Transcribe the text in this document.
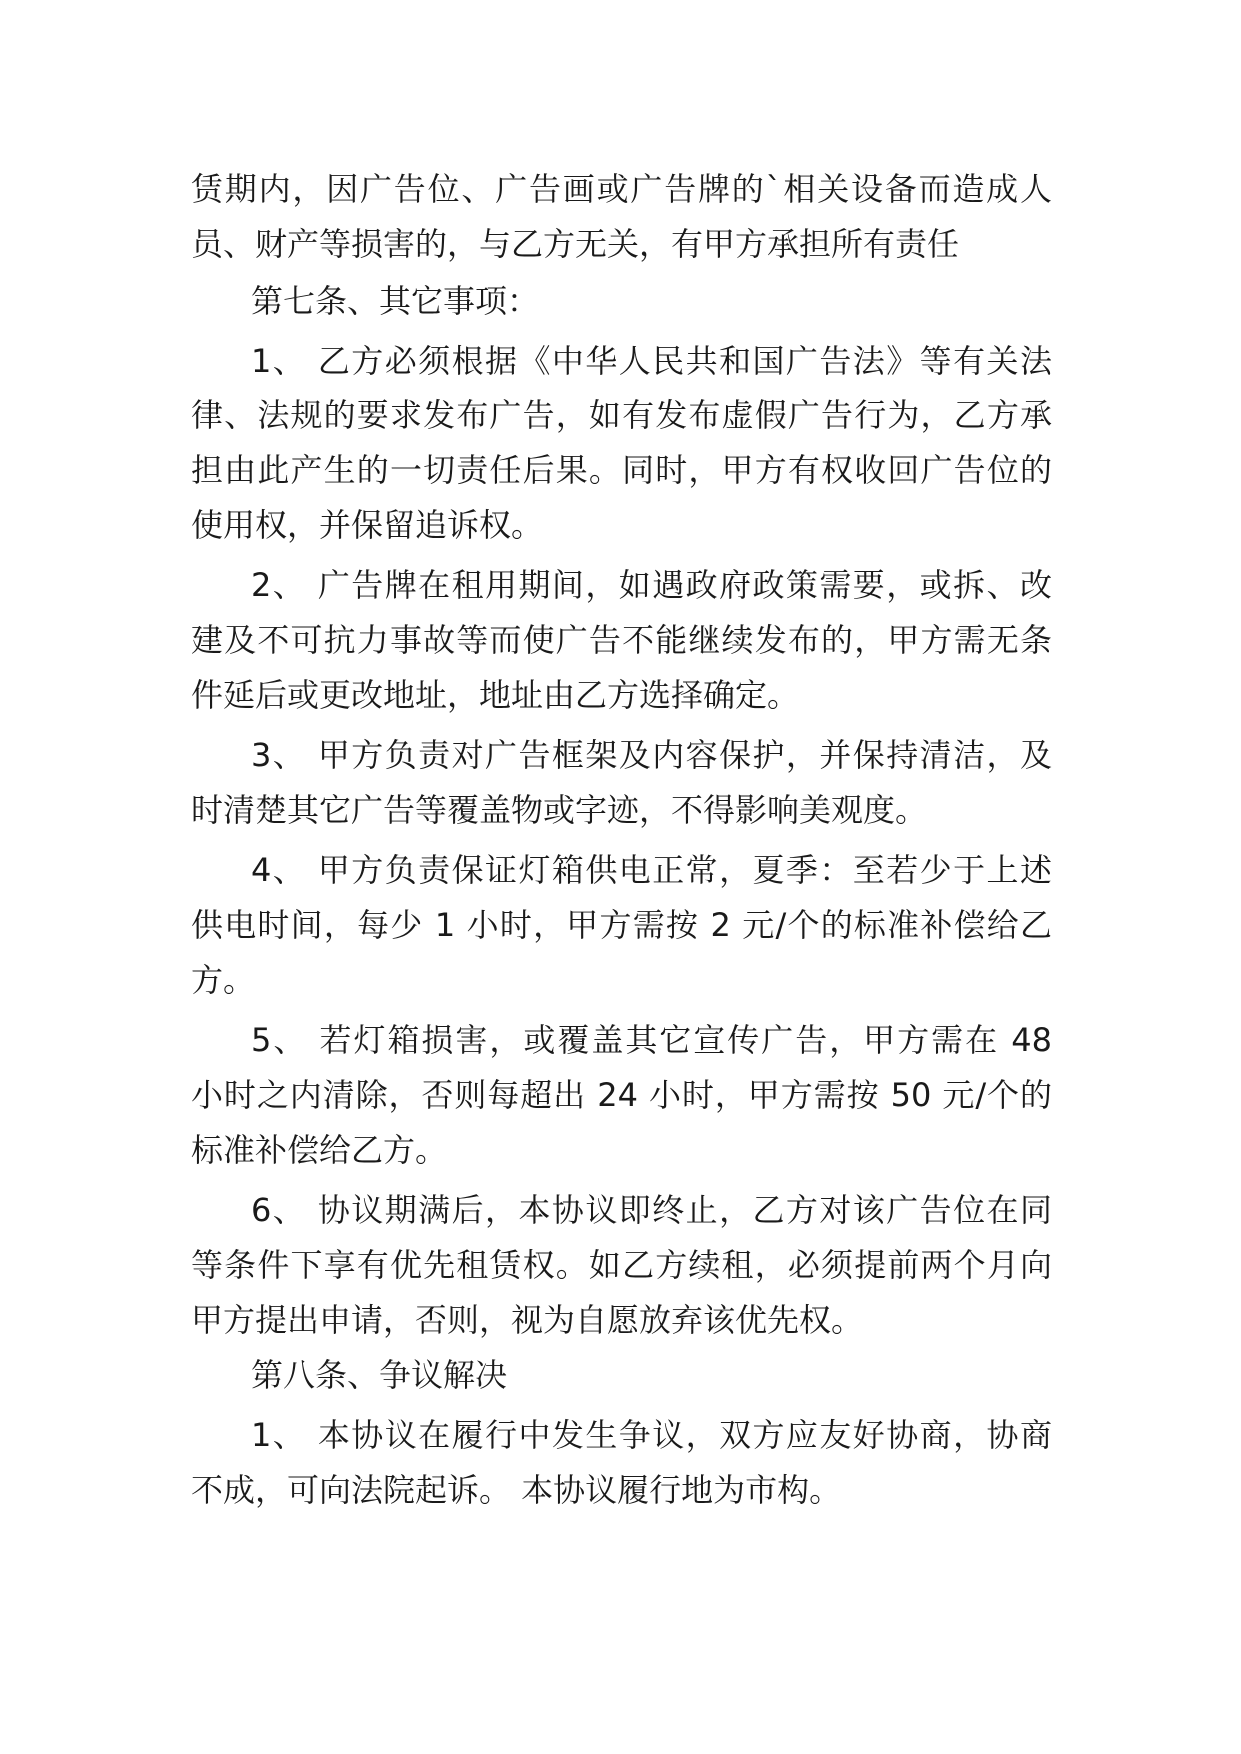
赁期内，因广告位、广告画或广告牌的`相关设备而造成人
员、财产等损害的，与乙方无关，有甲方承担所有责任
第七条、其它事项：
1、 乙方必须根据《中华人民共和国广告法》等有关法
律、法规的要求发布广告，如有发布虚假广告行为，乙方承
担由此产生的一切责任后果。同时，甲方有权收回广告位的
使用权，并保留追诉权。
2、 广告牌在租用期间，如遇政府政策需要，或拆、改
建及不可抗力事故等而使广告不能继续发布的，甲方需无条
件延后或更改地址，地址由乙方选择确定。
3、 甲方负责对广告框架及内容保护，并保持清洁，及
时清楚其它广告等覆盖物或字迹，不得影响美观度。
4、 甲方负责保证灯箱供电正常，夏季：至若少于上述
供电时间，每少 1 小时，甲方需按 2 元/个的标准补偿给乙
方。
5、 若灯箱损害，或覆盖其它宣传广告，甲方需在 48
小时之内清除，否则每超出 24 小时，甲方需按 50 元/个的
标准补偿给乙方。
6、 协议期满后，本协议即终止，乙方对该广告位在同
等条件下享有优先租赁权。如乙方续租，必须提前两个月向
甲方提出申请，否则，视为自愿放弃该优先权。
第八条、争议解决
1、 本协议在履行中发生争议，双方应友好协商，协商
不成，可向法院起诉。 本协议履行地为市构。
